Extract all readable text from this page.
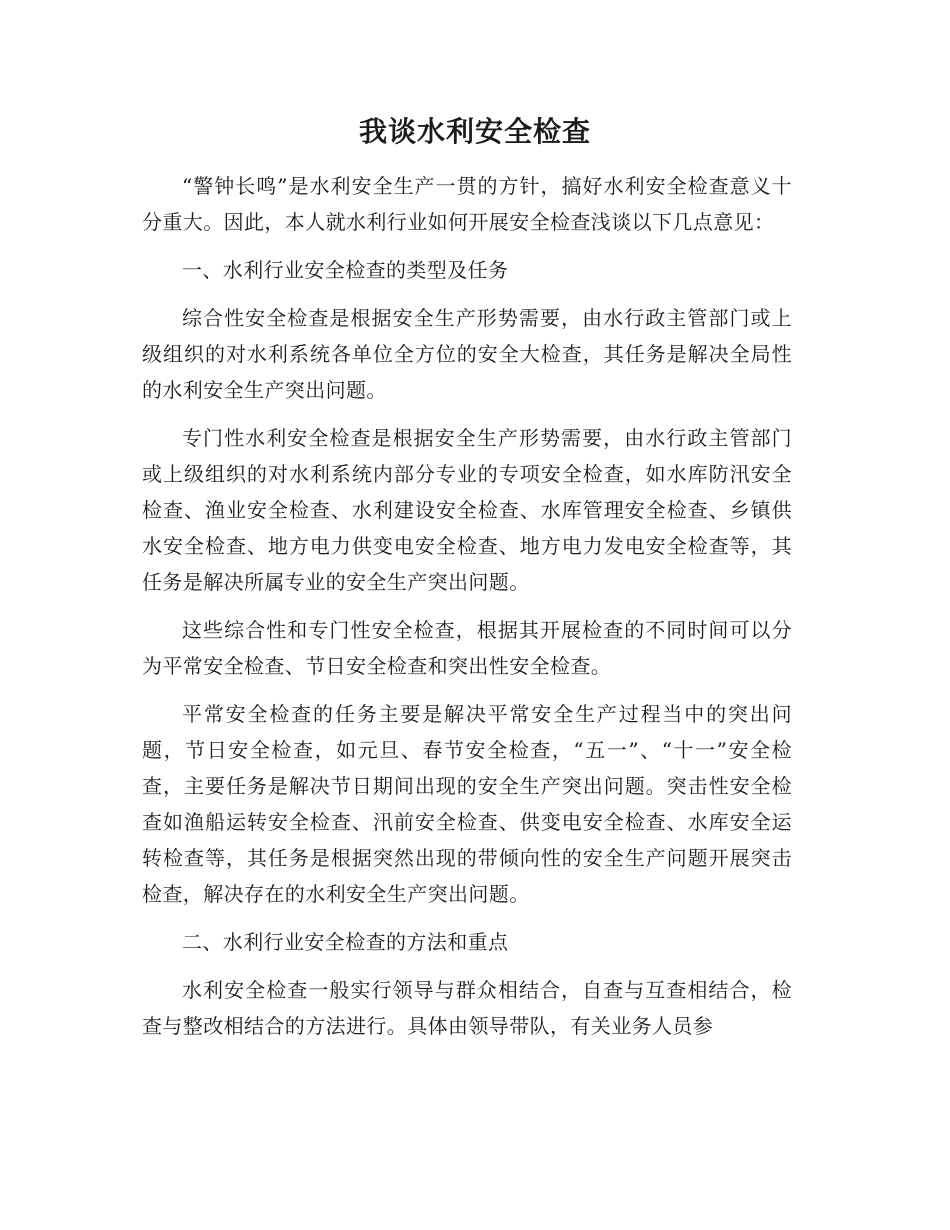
我谈水利安全检查

“警钟长鸣”是水利安全生产一贯的方针，搞好水利安全检查意义十分重大。因此，本人就水利行业如何开展安全检查浅谈以下几点意见：

一、水利行业安全检查的类型及任务

综合性安全检查是根据安全生产形势需要，由水行政主管部门或上级组织的对水利系统各单位全方位的安全大检查，其任务是解决全局性的水利安全生产突出问题。

专门性水利安全检查是根据安全生产形势需要，由水行政主管部门或上级组织的对水利系统内部分专业的专项安全检查，如水库防汛安全检查、渔业安全检查、水利建设安全检查、水库管理安全检查、乡镇供水安全检查、地方电力供变电安全检查、地方电力发电安全检查等，其任务是解决所属专业的安全生产突出问题。

这些综合性和专门性安全检查，根据其开展检查的不同时间可以分为平常安全检查、节日安全检查和突出性安全检查。

平常安全检查的任务主要是解决平常安全生产过程当中的突出问题，节日安全检查，如元旦、春节安全检查，“五一”、“十一”安全检查，主要任务是解决节日期间出现的安全生产突出问题。突击性安全检查如渔船运转安全检查、汛前安全检查、供变电安全检查、水库安全运转检查等，其任务是根据突然出现的带倾向性的安全生产问题开展突击检查，解决存在的水利安全生产突出问题。

二、水利行业安全检查的方法和重点

水利安全检查一般实行领导与群众相结合，自查与互查相结合，检查与整改相结合的方法进行。具体由领导带队，有关业务人员参
